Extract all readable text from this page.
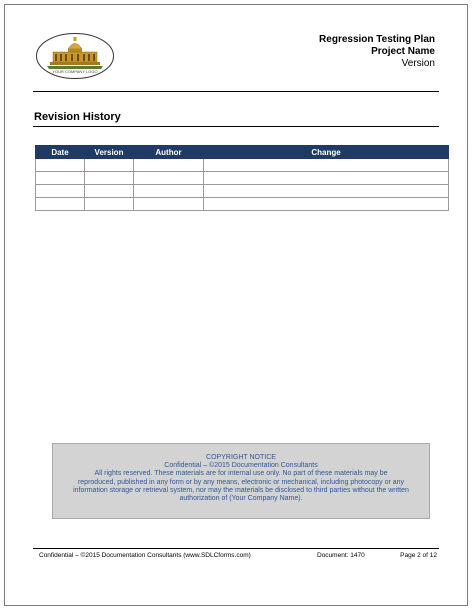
YOUR COMPANY LOGO
Regression Testing Plan
Project Name
Version
Revision History
Date	Version	Author	Change

COPYRIGHT NOTICE
Confidential – ©2015 Documentation Consultants
All rights reserved. These materials are for internal use only. No part of these materials may be
reproduced, published in any form or by any means, electronic or mechanical, including photocopy or any
information storage or retrieval system, nor may the materials be disclosed to third parties without the written
authorization of (Your Company Name).
Confidential – ©2015 Documentation Consultants (www.SDLCforms.com)	Document: 1470	Page 2 of 12
